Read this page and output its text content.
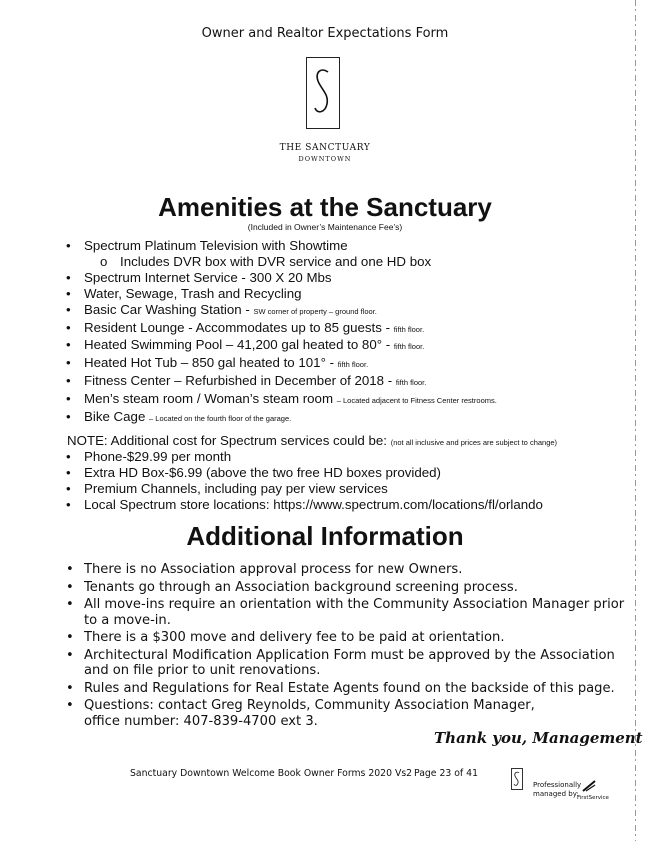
Owner and Realtor Expectations Form
THE SANCTUARY
DOWNTOWN
Amenities at the Sanctuary
(Included in Owner’s Maintenance Fee’s)
• Spectrum Platinum Television with Showtime
o Includes DVR box with DVR service and one HD box
• Spectrum Internet Service - 300 X 20 Mbs
• Water, Sewage, Trash and Recycling
• Basic Car Washing Station - SW corner of property – ground floor.
• Resident Lounge - Accommodates up to 85 guests - fifth floor.
• Heated Swimming Pool – 41,200 gal heated to 80° - fifth floor.
• Heated Hot Tub – 850 gal heated to 101° - fifth floor.
• Fitness Center – Refurbished in December of 2018 - fifth floor.
• Men’s steam room / Woman’s steam room – Located adjacent to Fitness Center restrooms.
• Bike Cage – Located on the fourth floor of the garage.
NOTE: Additional cost for Spectrum services could be: (not all inclusive and prices are subject to change)
• Phone-$29.99 per month
• Extra HD Box-$6.99 (above the two free HD boxes provided)
• Premium Channels, including pay per view services
• Local Spectrum store locations: https://www.spectrum.com/locations/fl/orlando
Additional Information
• There is no Association approval process for new Owners.
• Tenants go through an Association background screening process.
• All move-ins require an orientation with the Community Association Manager prior
to a move-in.
• There is a $300 move and delivery fee to be paid at orientation.
• Architectural Modification Application Form must be approved by the Association
and on file prior to unit renovations.
• Rules and Regulations for Real Estate Agents found on the backside of this page.
• Questions: contact Greg Reynolds, Community Association Manager,
office number: 407-839-4700 ext 3.
Thank you, Management
Sanctuary Downtown Welcome Book Owner Forms 2020 Vs2 Page 23 of 41
Professionally
managed by:
FirstService
